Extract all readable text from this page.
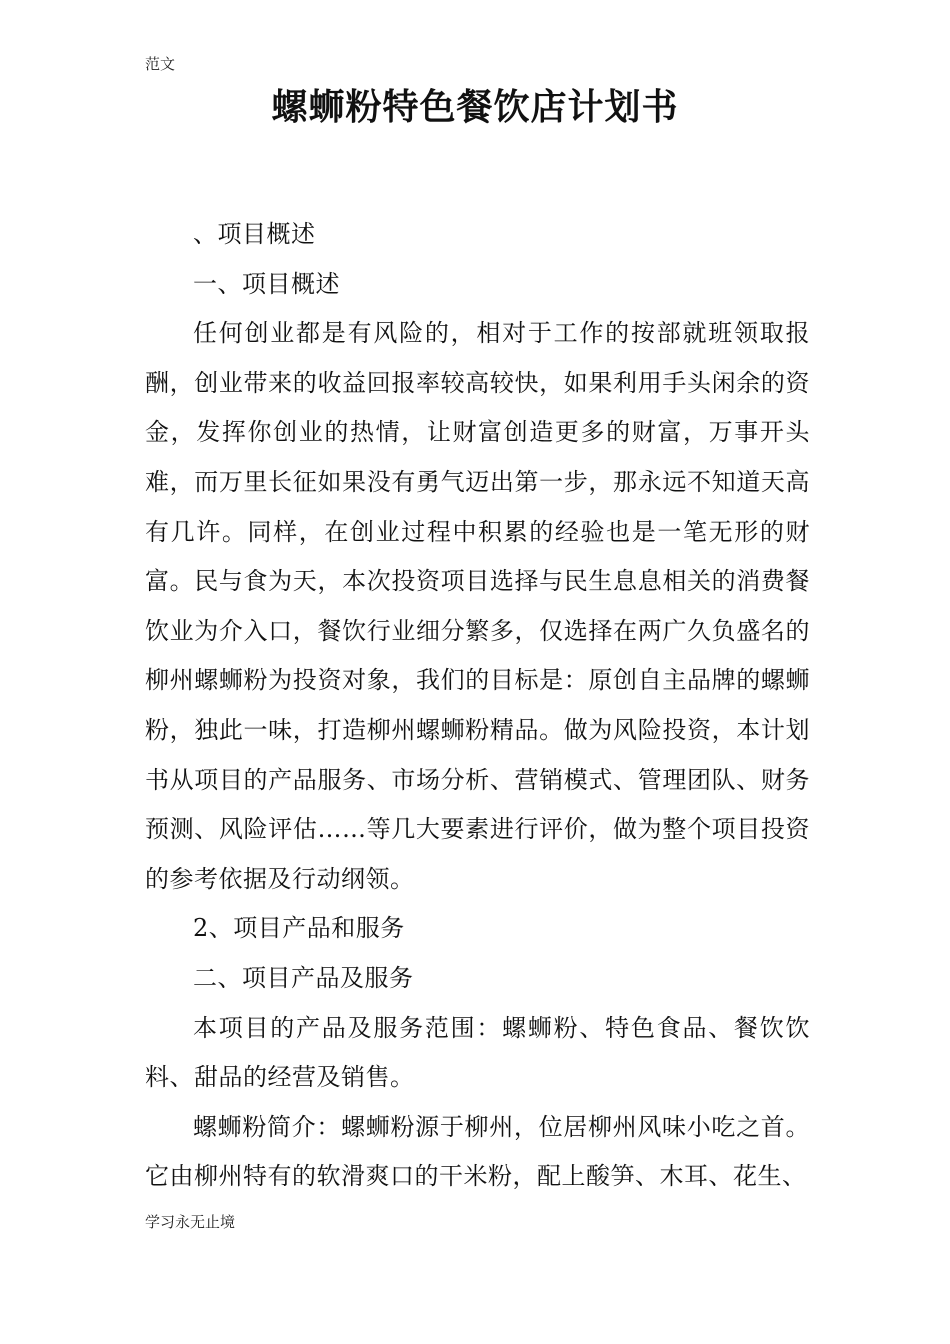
范文
螺蛳粉特色餐饮店计划书

、项目概述

一、项目概述

任何创业都是有风险的，相对于工作的按部就班领取报酬，创业带来的收益回报率较高较快，如果利用手头闲余的资金，发挥你创业的热情，让财富创造更多的财富，万事开头难，而万里长征如果没有勇气迈出第一步，那永远不知道天高有几许。同样，在创业过程中积累的经验也是一笔无形的财富。民与食为天，本次投资项目选择与民生息息相关的消费餐饮业为介入口，餐饮行业细分繁多，仅选择在两广久负盛名的柳州螺蛳粉为投资对象，我们的目标是：原创自主品牌的螺蛳粉，独此一味，打造柳州螺蛳粉精品。做为风险投资，本计划书从项目的产品服务、市场分析、营销模式、管理团队、财务预测、风险评估……等几大要素进行评价，做为整个项目投资的参考依据及行动纲领。

2、项目产品和服务

二、项目产品及服务

本项目的产品及服务范围：螺蛳粉、特色食品、餐饮饮料、甜品的经营及销售。

螺蛳粉简介：螺蛳粉源于柳州，位居柳州风味小吃之首。它由柳州特有的软滑爽口的干米粉，配上酸笋、木耳、花生、

学习永无止境
